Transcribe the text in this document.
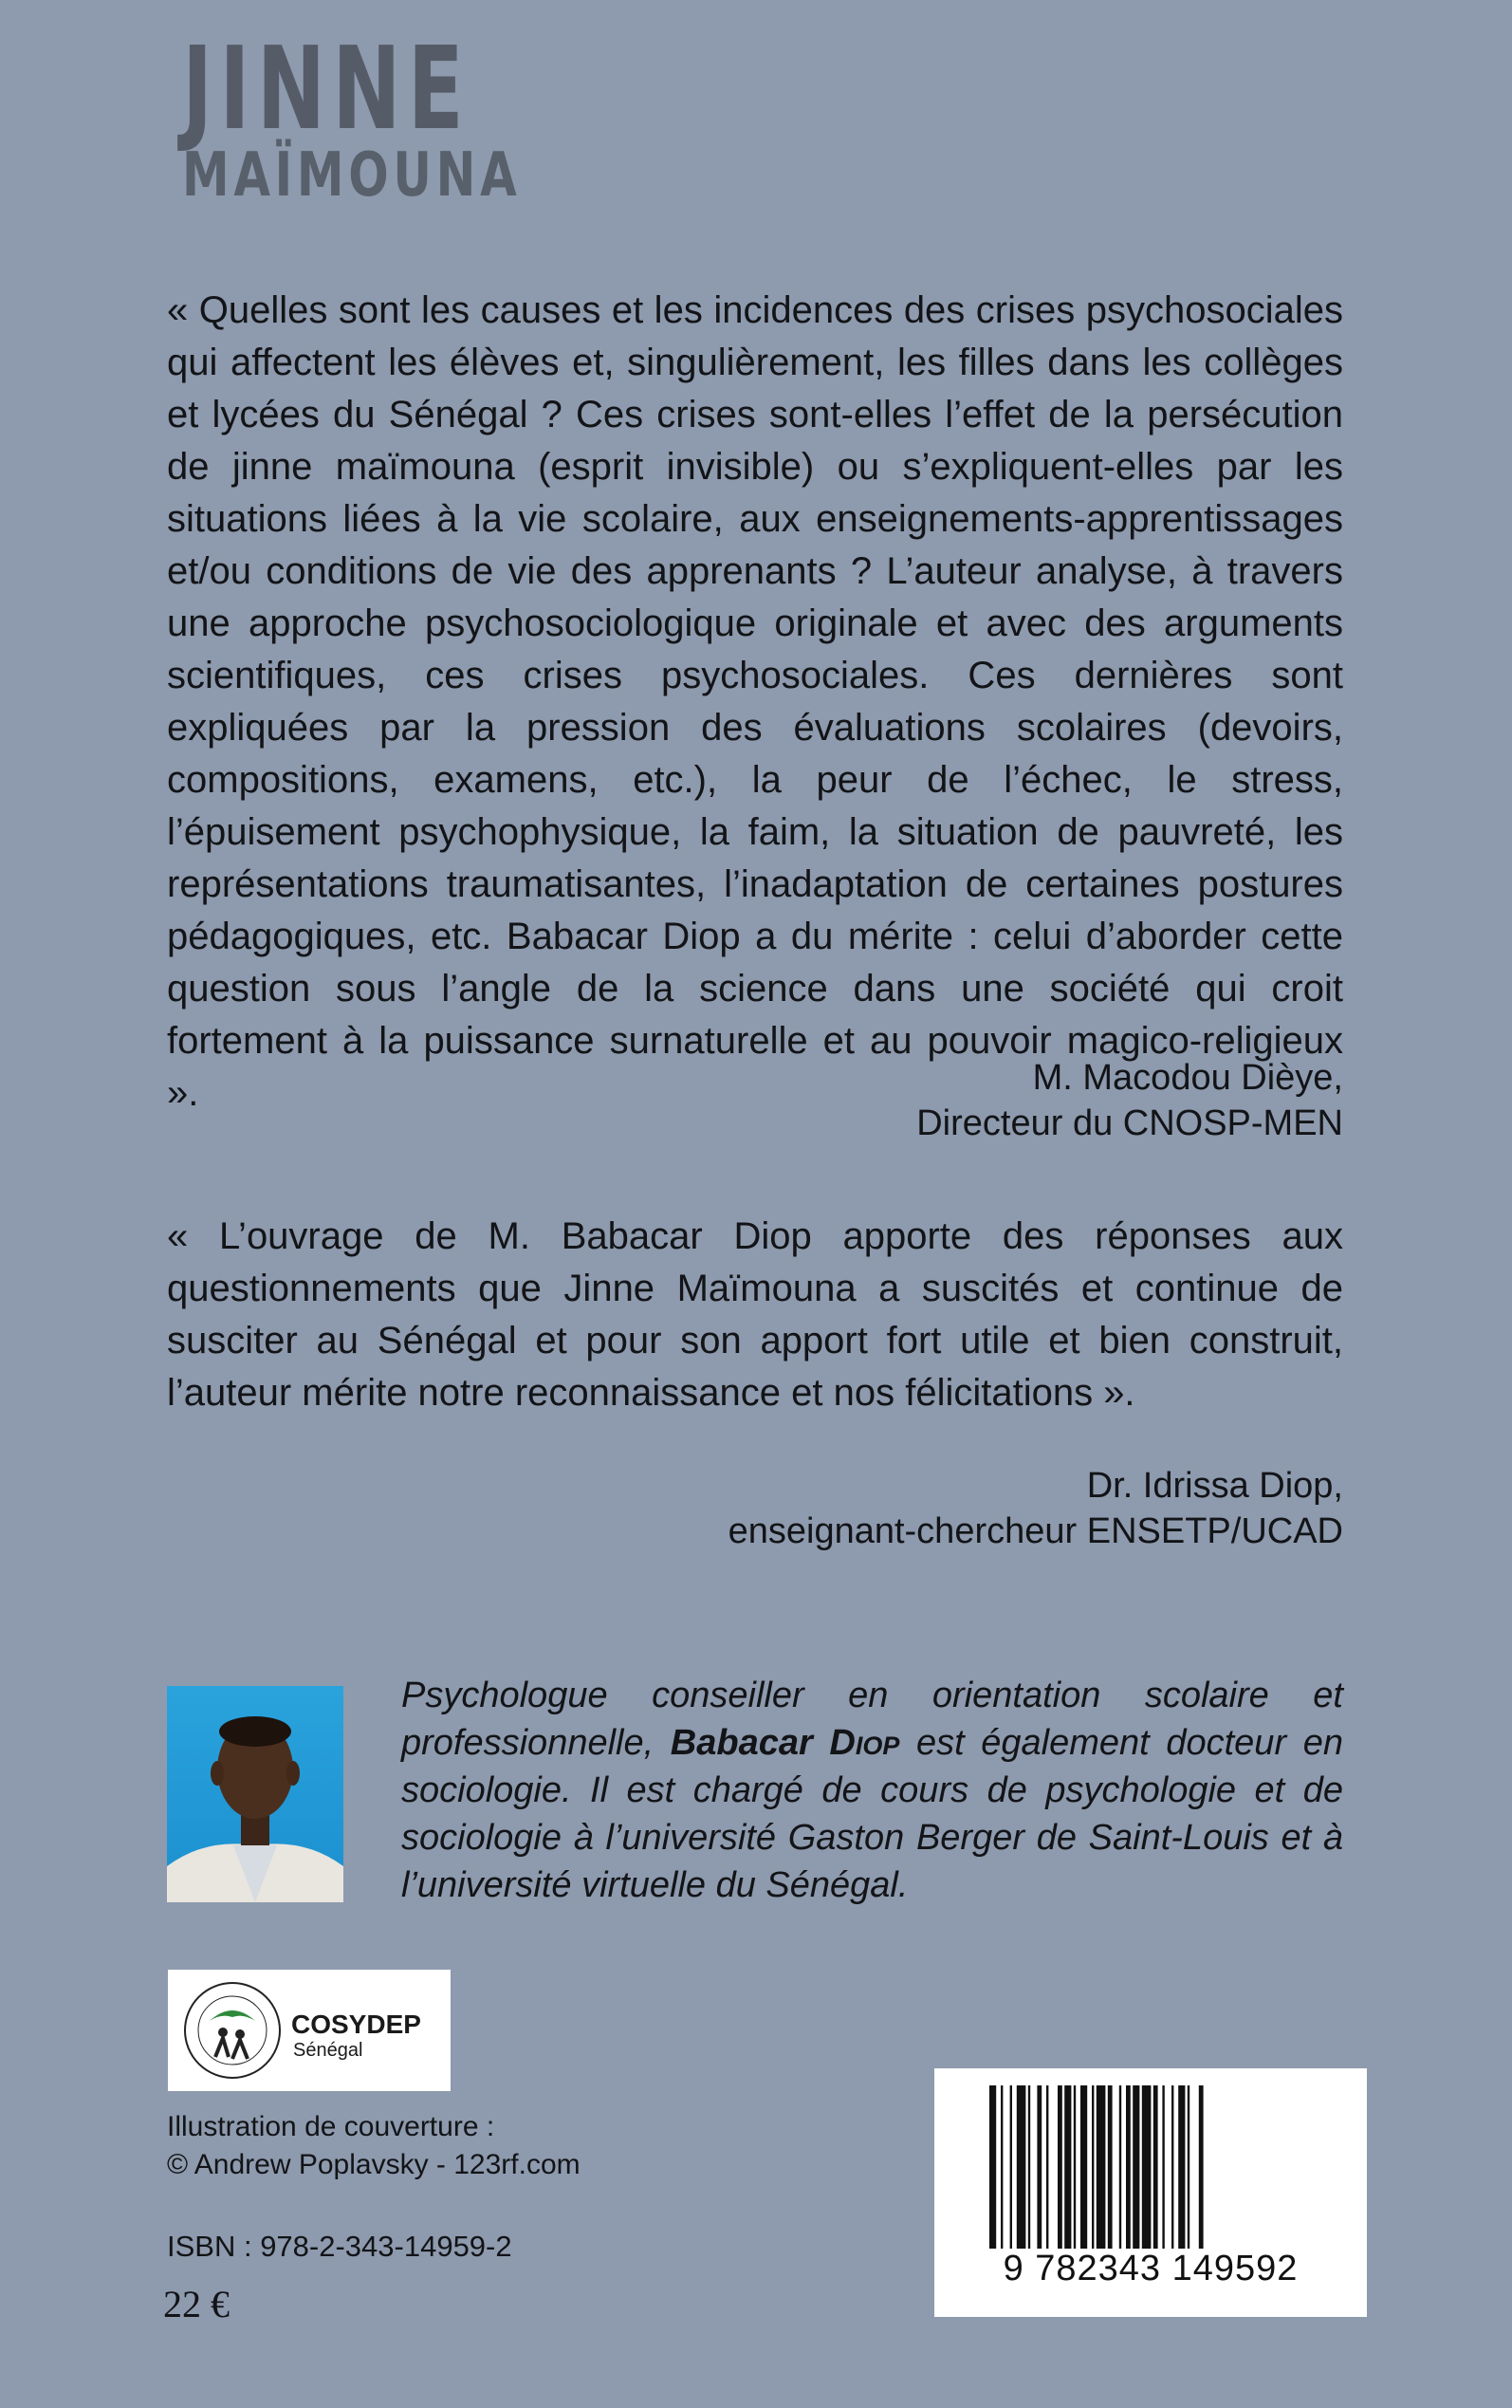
JINNE
MAÏMOUNA

« Quelles sont les causes et les incidences des crises psychosociales qui affectent les élèves et, singulièrement, les filles dans les collèges et lycées du Sénégal ? Ces crises sont-elles l’effet de la persécution de jinne maïmouna (esprit invisible) ou s’expliquent-elles par les situations liées à la vie scolaire, aux enseignements-apprentissages et/ou conditions de vie des apprenants ? L’auteur analyse, à travers une approche psychosociologique originale et avec des arguments scientifiques, ces crises psychosociales. Ces dernières sont expliquées par la pression des évaluations scolaires (devoirs, compositions, examens, etc.), la peur de l’échec, le stress, l’épuisement psychophysique, la faim, la situation de pauvreté, les représentations traumatisantes, l’inadaptation de certaines postures pédagogiques, etc. Babacar Diop a du mérite : celui d’aborder cette question sous l’angle de la science dans une société qui croit fortement à la puissance surnaturelle et au pouvoir magico-religieux ».	M. Macodou Dièye,
Directeur du CNOSP-MEN

« L’ouvrage de M. Babacar Diop apporte des réponses aux questionnements que Jinne Maïmouna a suscités et continue de susciter au Sénégal et pour son apport fort utile et bien construit, l’auteur mérite notre reconnaissance et nos félicitations ».

Dr. Idrissa Diop,
enseignant-chercheur ENSETP/UCAD

Psychologue conseiller en orientation scolaire et professionnelle, Babacar Diop est également docteur en sociologie. Il est chargé de cours de psychologie et de sociologie à l’université Gaston Berger de Saint-Louis et à l’université virtuelle du Sénégal.

COSYDEP
Sénégal
Illustration de couverture :
© Andrew Poplavsky - 123rf.com
ISBN : 978-2-343-14959-2
22 €
9 782343 149592
